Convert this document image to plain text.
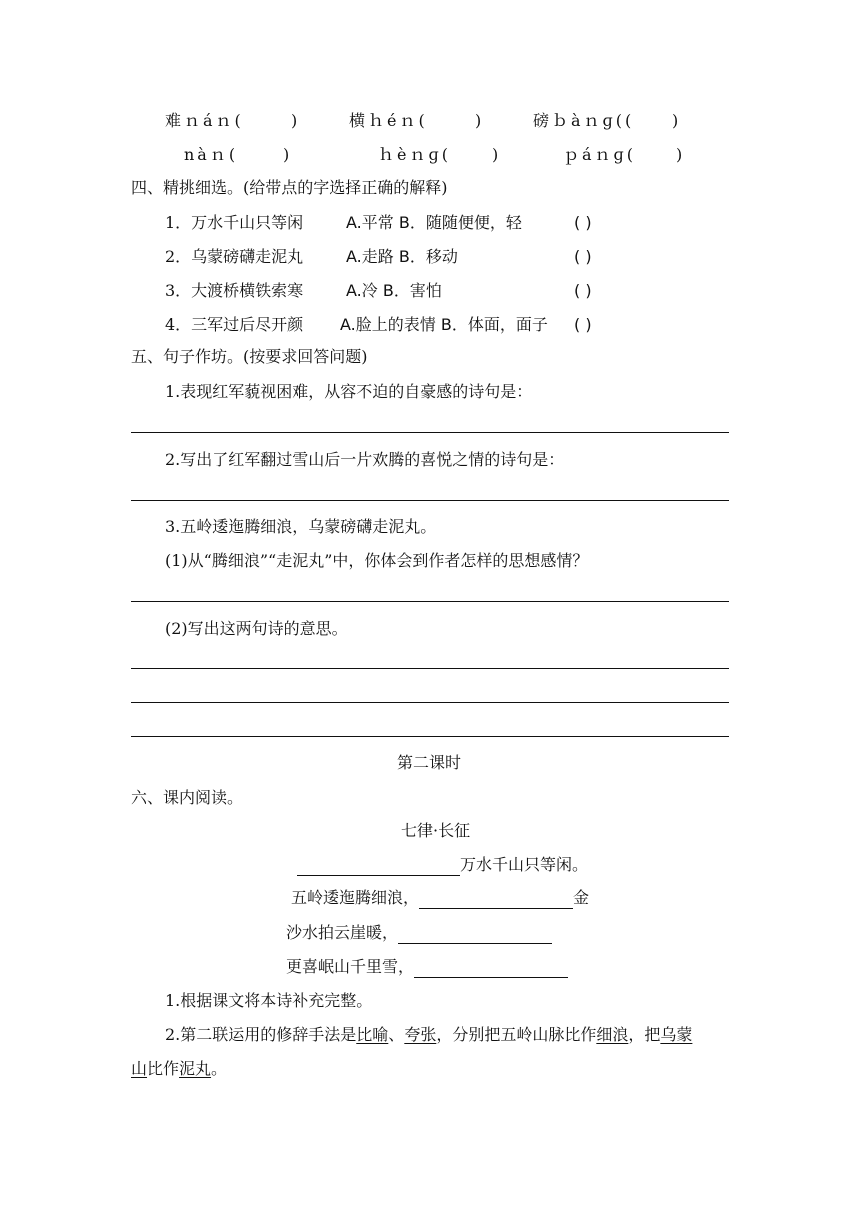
难ｎáｎ(	)	横ｈéｎ(	)	磅ｂàｎɡ(( )
nàｎ(	)	ｈèｎɡ(	)	ｐáｎɡ( )
四、精挑细选。(给带点的字选择正确的解释)
1．万水千山只等闲	A.平常 B．随随便便，轻	( )
2．乌蒙磅礴走泥丸	A.走路 B．移动	( )
3．大渡桥横铁索寒	A.冷 B．害怕	( )
4．三军过后尽开颜 A.脸上的表情 B．体面，面子 ( )
五、句子作坊。(按要求回答问题)
1.表现红军藐视困难，从容不迫的自豪感的诗句是：
2.写出了红军翻过雪山后一片欢腾的喜悦之情的诗句是：
3.五岭逶迤腾细浪，乌蒙磅礴走泥丸。
(1)从“腾细浪”“走泥丸”中，你体会到作者怎样的思想感情？
(2)写出这两句诗的意思。
第二课时
六、课内阅读。
七律·长征
万水千山只等闲。
五岭逶迤腾细浪，	金
沙水拍云崖暖，
更喜岷山千里雪，
1.根据课文将本诗补充完整。
2.第二联运用的修辞手法是比喻、夸张，分别把五岭山脉比作细浪，把乌蒙
山比作泥丸。
